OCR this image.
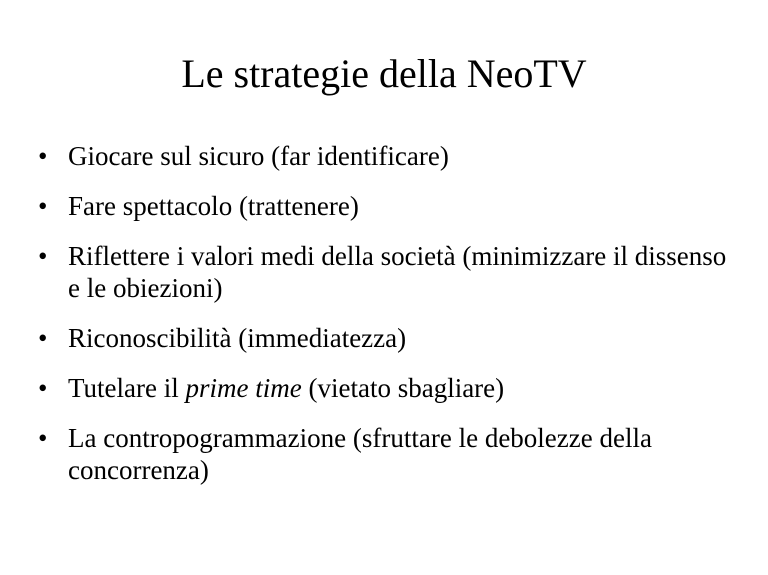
Le strategie della NeoTV
• Giocare sul sicuro (far identificare)
• Fare spettacolo (trattenere)
• Riflettere i valori medi della società (minimizzare il dissenso e le obiezioni)
• Riconoscibilità (immediatezza)
• Tutelare il prime time (vietato sbagliare)
• La contropogrammazione (sfruttare le debolezze della concorrenza)
